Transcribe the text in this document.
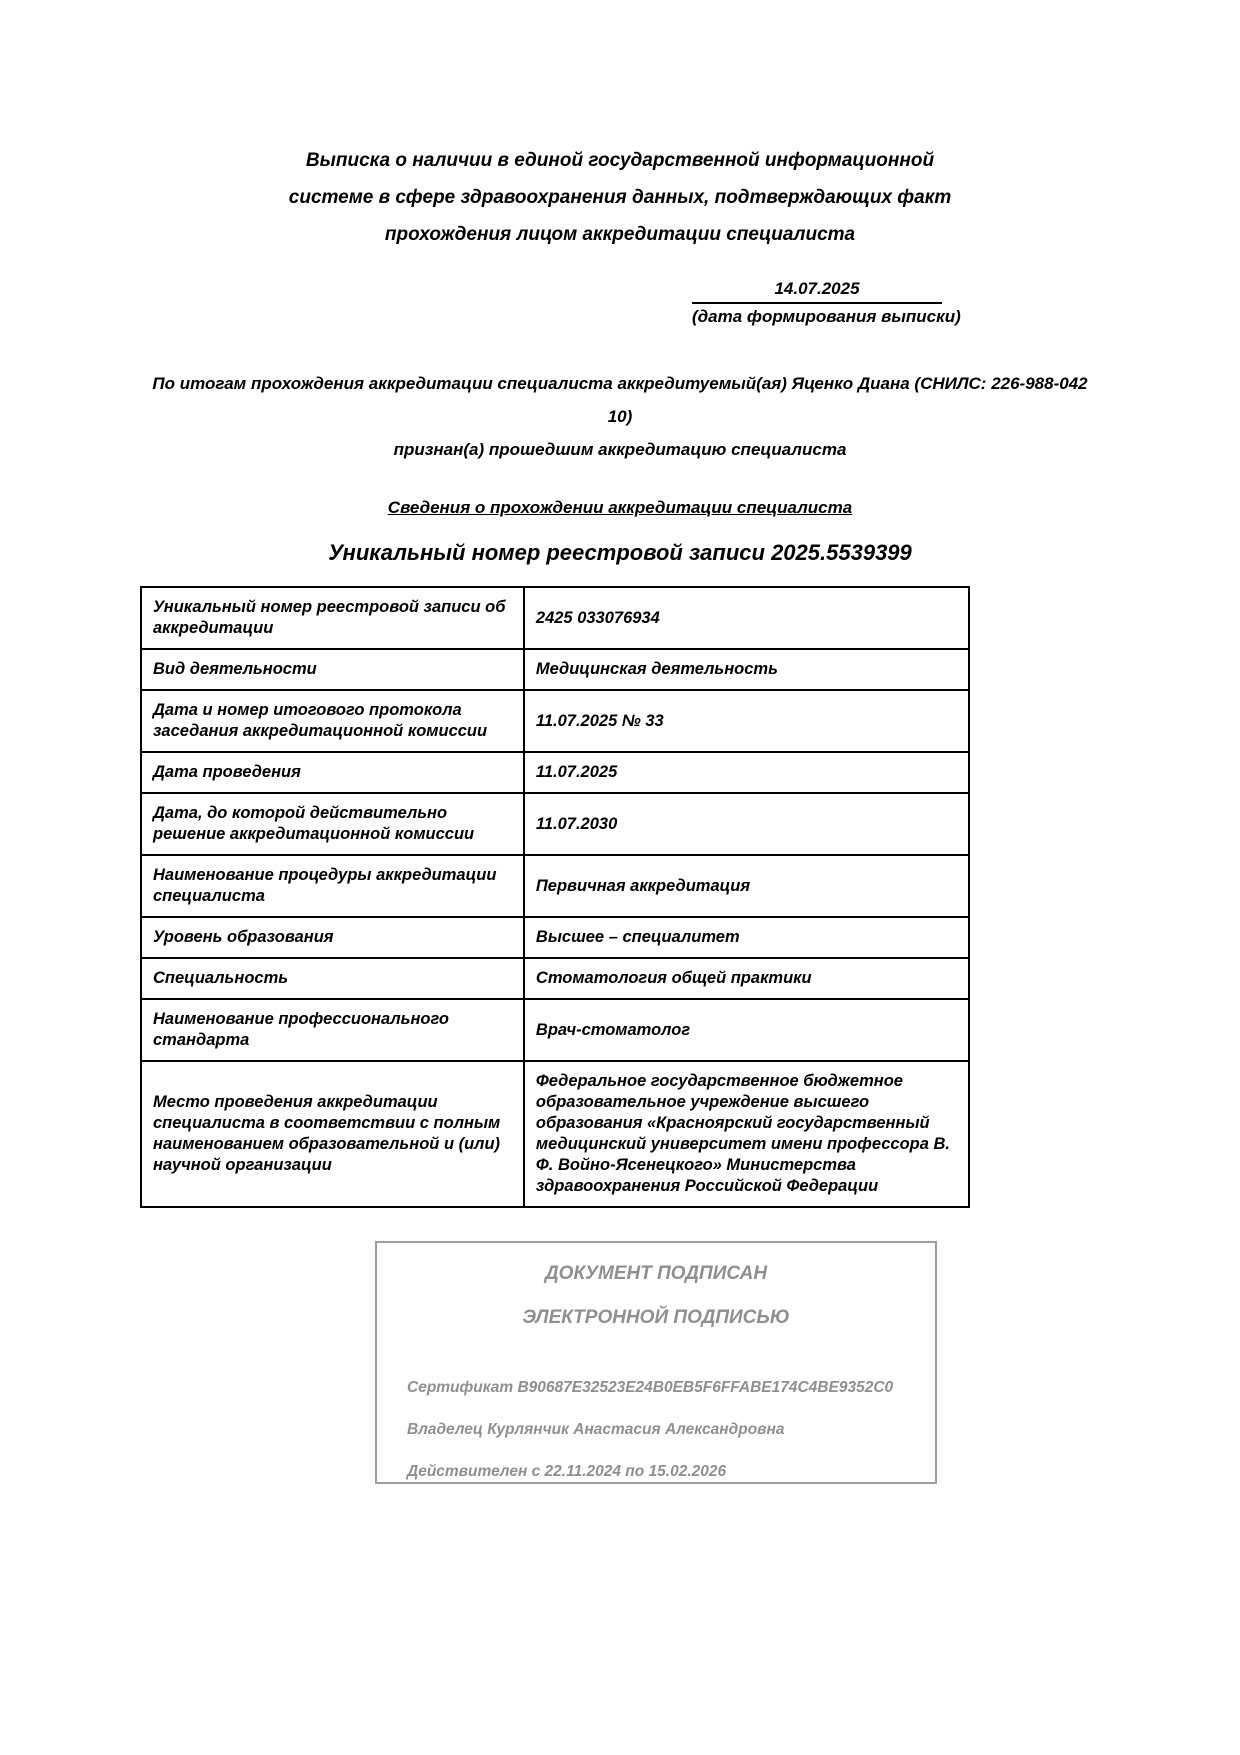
Выписка о наличии в единой государственной информационной
системе в сфере здравоохранения данных, подтверждающих факт
прохождения лицом аккредитации специалиста
14.07.2025
(дата формирования выписки)
По итогам прохождения аккредитации специалиста аккредитуемый(ая) Яценко Диана (СНИЛС: 226-988-042 10)
признан(а) прошедшим аккредитацию специалиста
Сведения о прохождении аккредитации специалиста
Уникальный номер реестровой записи 2025.5539399
Уникальный номер реестровой записи об аккредитации	2425 033076934
Вид деятельности	Медицинская деятельность
Дата и номер итогового протокола заседания аккредитационной комиссии	11.07.2025 № 33
Дата проведения	11.07.2025
Дата, до которой действительно решение аккредитационной комиссии	11.07.2030
Наименование процедуры аккредитации специалиста	Первичная аккредитация
Уровень образования	Высшее – специалитет
Специальность	Стоматология общей практики
Наименование профессионального стандарта	Врач-стоматолог
Место проведения аккредитации специалиста в соответствии с полным наименованием образовательной и (или) научной организации	Федеральное государственное бюджетное образовательное учреждение высшего образования «Красноярский государственный медицинский университет имени профессора В. Ф. Войно-Ясенецкого» Министерства здравоохранения Российской Федерации
ДОКУМЕНТ ПОДПИСАН
ЭЛЕКТРОННОЙ ПОДПИСЬЮ
Сертификат B90687E32523E24B0EB5F6FFABE174C4BE9352C0
Владелец Курлянчик Анастасия Александровна
Действителен с 22.11.2024 по 15.02.2026
